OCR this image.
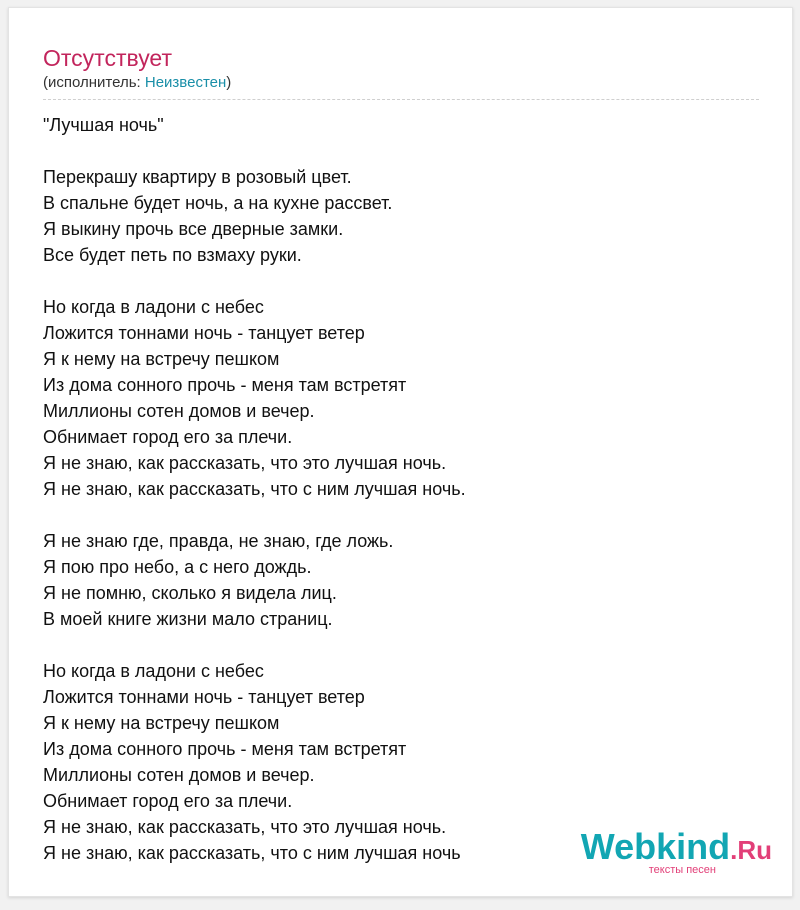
Отсутствует
(исполнитель: Неизвестен)
"Лучшая ночь"
Перекрашу квартиру в розовый цвет.
В спальне будет ночь, а на кухне рассвет.
Я выкину прочь все дверные замки.
Все будет петь по взмаху руки.
Но когда в ладони с небес
Ложится тоннами ночь - танцует ветер
Я к нему на встречу пешком
Из дома сонного прочь - меня там встретят
Миллионы сотен домов и вечер.
Обнимает город его за плечи.
Я не знаю, как рассказать, что это лучшая ночь.
Я не знаю, как рассказать, что с ним лучшая ночь.
Я не знаю где, правда, не знаю, где ложь.
Я пою про небо, а с него дождь.
Я не помню, сколько я видела лиц.
В моей книге жизни мало страниц.
Но когда в ладони с небес
Ложится тоннами ночь - танцует ветер
Я к нему на встречу пешком
Из дома сонного прочь - меня там встретят
Миллионы сотен домов и вечер.
Обнимает город его за плечи.
Я не знаю, как рассказать, что это лучшая ночь.
Я не знаю, как рассказать, что с ним лучшая ночь	Webkind.Ru
тексты песен
